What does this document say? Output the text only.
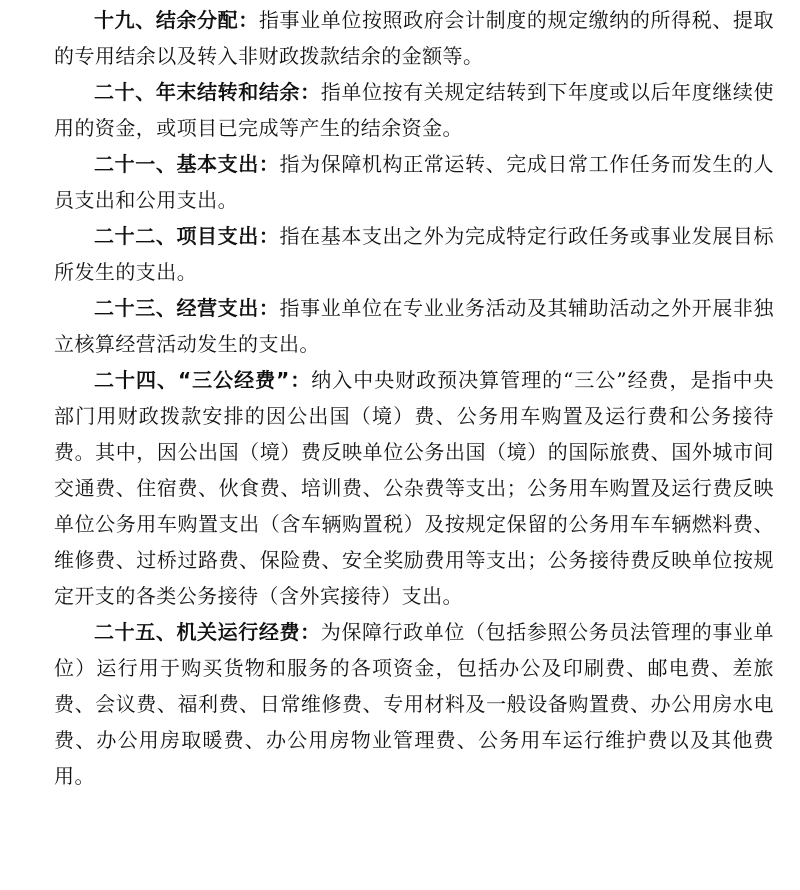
十九、结余分配：指事业单位按照政府会计制度的规定缴纳的所得税、提取的专用结余以及转入非财政拨款结余的金额等。

二十、年末结转和结余：指单位按有关规定结转到下年度或以后年度继续使用的资金，或项目已完成等产生的结余资金。

二十一、基本支出：指为保障机构正常运转、完成日常工作任务而发生的人员支出和公用支出。

二十二、项目支出：指在基本支出之外为完成特定行政任务或事业发展目标所发生的支出。

二十三、经营支出：指事业单位在专业业务活动及其辅助活动之外开展非独立核算经营活动发生的支出。

二十四、“三公经费”：纳入中央财政预决算管理的“三公”经费，是指中央部门用财政拨款安排的因公出国（境）费、公务用车购置及运行费和公务接待费。其中，因公出国（境）费反映单位公务出国（境）的国际旅费、国外城市间交通费、住宿费、伙食费、培训费、公杂费等支出；公务用车购置及运行费反映单位公务用车购置支出（含车辆购置税）及按规定保留的公务用车车辆燃料费、维修费、过桥过路费、保险费、安全奖励费用等支出；公务接待费反映单位按规定开支的各类公务接待（含外宾接待）支出。

二十五、机关运行经费：为保障行政单位（包括参照公务员法管理的事业单位）运行用于购买货物和服务的各项资金，包括办公及印刷费、邮电费、差旅费、会议费、福利费、日常维修费、专用材料及一般设备购置费、办公用房水电费、办公用房取暖费、办公用房物业管理费、公务用车运行维护费以及其他费用。
